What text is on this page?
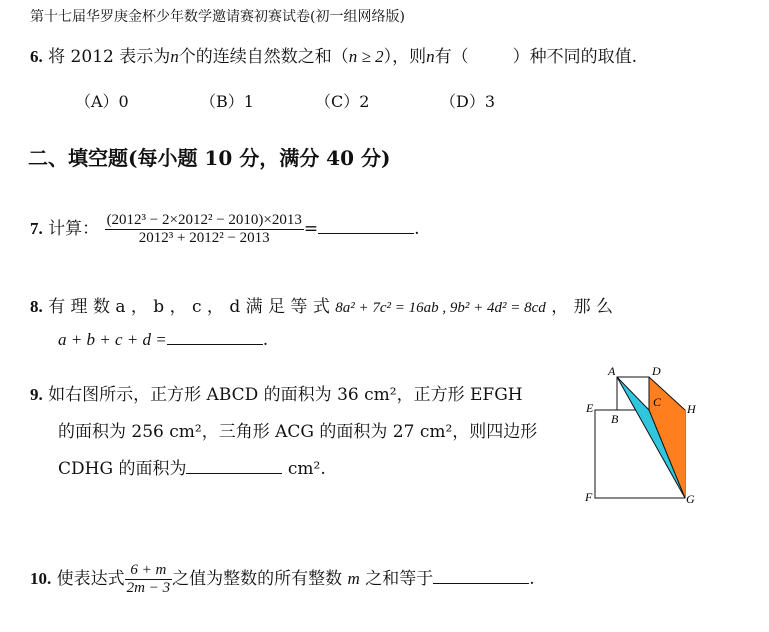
第十七届华罗庚金杯少年数学邀请赛初赛试卷(初一组网络版)
6. 将 2012 表示为n个的连续自然数之和（n ≥ 2），则n有（	）种不同的取值.
（A）0	（B）1	（C）2	（D）3
二、填空题(每小题 10 分，满分 40 分)
7. 计算： $\frac{\text{(2012³ − 2×2012² − 2010)×2013}}{\text{2012³ + 2012² − 2013}}$ =	.
8. 有 理 数 a ， b ， c ， d 满 足 等 式 8a² + 7c² = 16ab , 9b² + 4d² = 8cd ， 那 么
a + b + c + d =	.
9. 如右图所示，正方形 ABCD 的面积为 36 cm²，正方形 EFGH
的面积为 256 cm²，三角形 ACG 的面积为 27 cm²，则四边形
CDHG 的面积为	cm².
A	D
C
E
B
H
F	G
10. 使表达式 $\frac{6 + m}{2m - 3}$ 之值为整数的所有整数 m 之和等于	.
